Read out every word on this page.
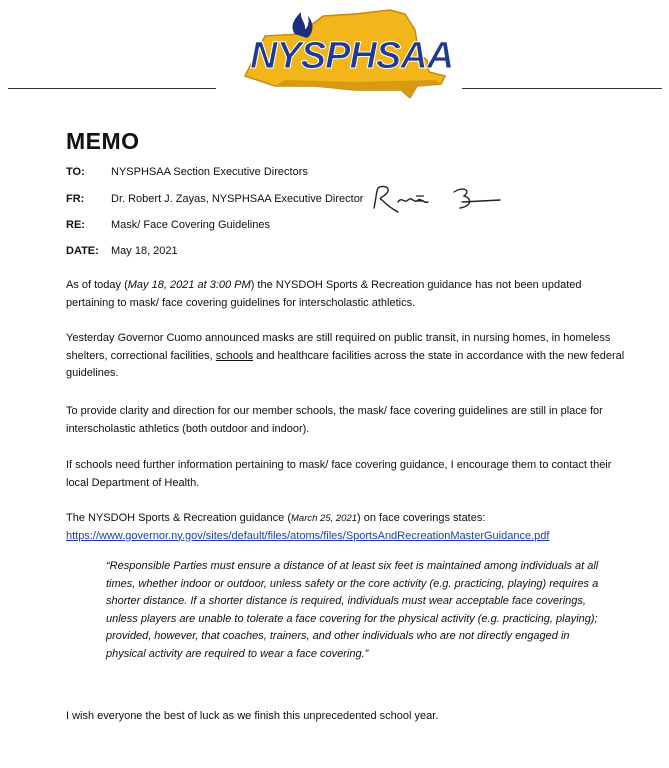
NYSPHSAA
MEMO
TO: NYSPHSAA Section Executive Directors
FR: Dr. Robert J. Zayas, NYSPHSAA Executive Director
RE: Mask/ Face Covering Guidelines
DATE: May 18, 2021

As of today (May 18, 2021 at 3:00 PM) the NYSDOH Sports & Recreation guidance has not been updated pertaining to mask/ face covering guidelines for interscholastic athletics.

Yesterday Governor Cuomo announced masks are still required on public transit, in nursing homes, in homeless shelters, correctional facilities, schools and healthcare facilities across the state in accordance with the new federal guidelines.

To provide clarity and direction for our member schools, the mask/ face covering guidelines are still in place for interscholastic athletics (both outdoor and indoor).

If schools need further information pertaining to mask/ face covering guidance, I encourage them to contact their local Department of Health.

The NYSDOH Sports & Recreation guidance (March 25, 2021) on face coverings states:
https://www.governor.ny.gov/sites/default/files/atoms/files/SportsAndRecreationMasterGuidance.pdf

“Responsible Parties must ensure a distance of at least six feet is maintained among individuals at all times, whether indoor or outdoor, unless safety or the core activity (e.g. practicing, playing) requires a shorter distance. If a shorter distance is required, individuals must wear acceptable face coverings, unless players are unable to tolerate a face covering for the physical activity (e.g. practicing, playing); provided, however, that coaches, trainers, and other individuals who are not directly engaged in physical activity are required to wear a face covering.”

I wish everyone the best of luck as we finish this unprecedented school year.
